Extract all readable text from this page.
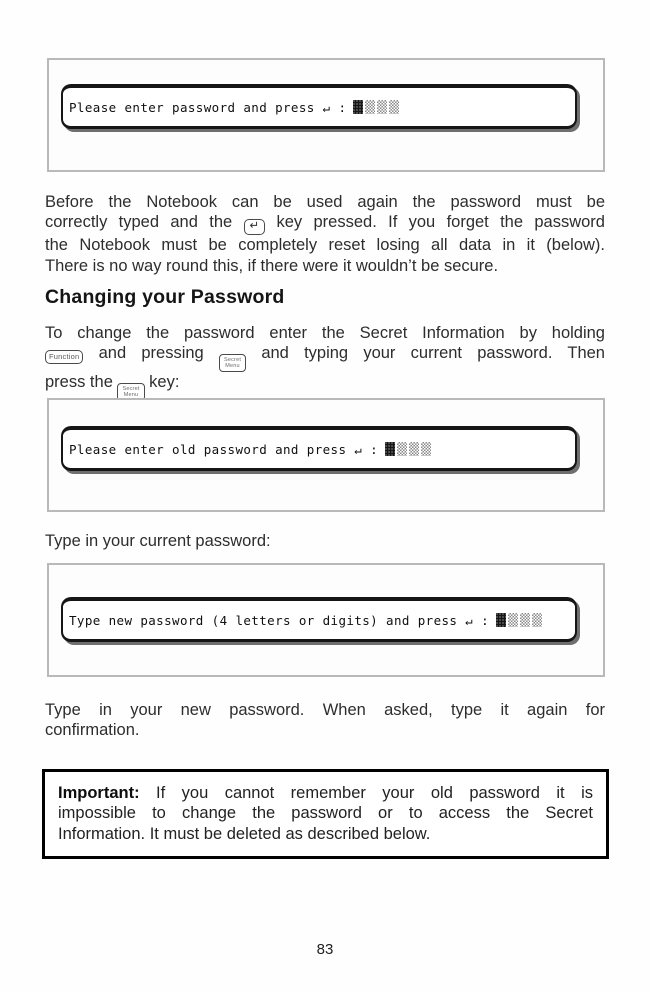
Please enter password and press ↵ :
Before the Notebook can be used again the password must be
correctly typed and the ↵ key pressed. If you forget the password
the Notebook must be completely reset losing all data in it (below).
There is no way round this, if there were it wouldn’t be secure.
Changing your Password
To change the password enter the Secret Information by holding
Function and pressing	Secret
Menu
and typing your current password. Then
press the Secret
Menu
key:
Please enter old password and press ↵ :
Type in your current password:
Type new password (4 letters or digits) and press ↵ :
Type in your new password. When asked, type it again for
confirmation.
Important: If you cannot remember your old password it is
impossible to change the password or to access the Secret
Information. It must be deleted as described below.
83
